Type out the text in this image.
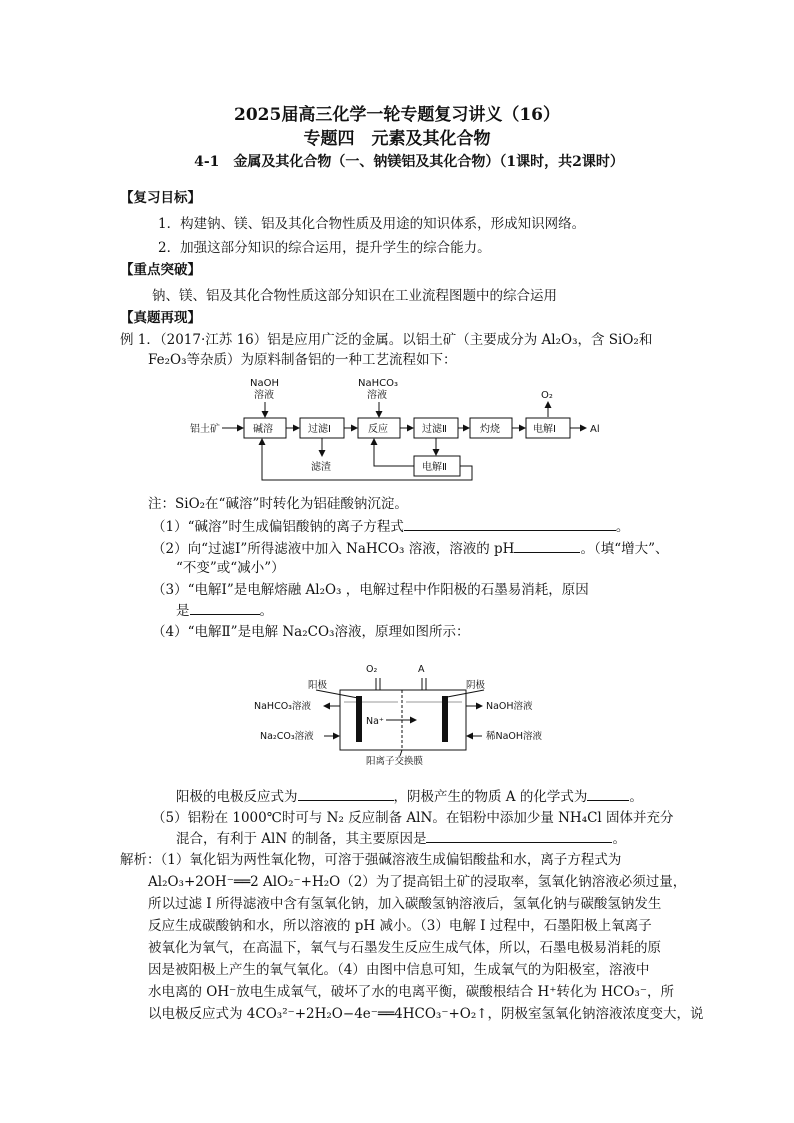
2025届高三化学一轮专题复习讲义（16）
专题四　元素及其化合物
4-1　金属及其化合物（一、钠镁铝及其化合物）（1课时，共2课时）
【复习目标】
1．构建钠、镁、铝及其化合物性质及用途的知识体系，形成知识网络。
2．加强这部分知识的综合运用，提升学生的综合能力。
【重点突破】
钠、镁、铝及其化合物性质这部分知识在工业流程图题中的综合运用
【真题再现】
例 1．（2017·江苏 16）铝是应用广泛的金属。以铝土矿（主要成分为 Al₂O₃，含 SiO₂和
Fe₂O₃等杂质）为原料制备铝的一种工艺流程如下：
铝土矿	碱溶	过滤Ⅰ	反应	过滤Ⅱ	灼烧	电解Ⅰ
电解Ⅱ
NaOH
溶液
NaHCO₃
溶液	O₂
Al
滤渣
注：SiO₂在“碱溶”时转化为铝硅酸钠沉淀。
（1）“碱溶”时生成偏铝酸钠的离子方程式	。
（2）向“过滤Ⅰ”所得滤液中加入 NaHCO₃ 溶液，溶液的 pH	。（填“增大”、
“不变”或“减小”）
（3）“电解Ⅰ”是电解熔融 Al₂O₃ ，电解过程中作阳极的石墨易消耗，原因
是	。
（4）“电解Ⅱ”是电解 Na₂CO₃溶液，原理如图所示：
O₂	A
阳极	阴极
NaHCO₃溶液
Na₂CO₃溶液
NaOH溶液
稀NaOH溶液
Na⁺
阳离子交换膜
阳极的电极反应式为	，阴极产生的物质 A 的化学式为	。
（5）铝粉在 1000℃时可与 N₂ 反应制备 AlN。在铝粉中添加少量 NH₄Cl 固体并充分
混合，有利于 AlN 的制备，其主要原因是	。
解析：（1）氧化铝为两性氧化物，可溶于强碱溶液生成偏铝酸盐和水，离子方程式为
Al₂O₃+2OH⁻══2 AlO₂⁻+H₂O（2）为了提高铝土矿的浸取率，氢氧化钠溶液必须过量，
所以过滤 I 所得滤液中含有氢氧化钠，加入碳酸氢钠溶液后，氢氧化钠与碳酸氢钠发生
反应生成碳酸钠和水，所以溶液的 pH 减小。（3）电解 I 过程中，石墨阳极上氧离子
被氧化为氧气，在高温下，氧气与石墨发生反应生成气体，所以，石墨电极易消耗的原
因是被阳极上产生的氧气氧化。（4）由图中信息可知，生成氧气的为阳极室，溶液中
水电离的 OH⁻放电生成氧气，破坏了水的电离平衡，碳酸根结合 H⁺转化为 HCO₃⁻，所
以电极反应式为 4CO₃²⁻+2H₂O−4e⁻══4HCO₃⁻+O₂↑，阴极室氢氧化钠溶液浓度变大，说
